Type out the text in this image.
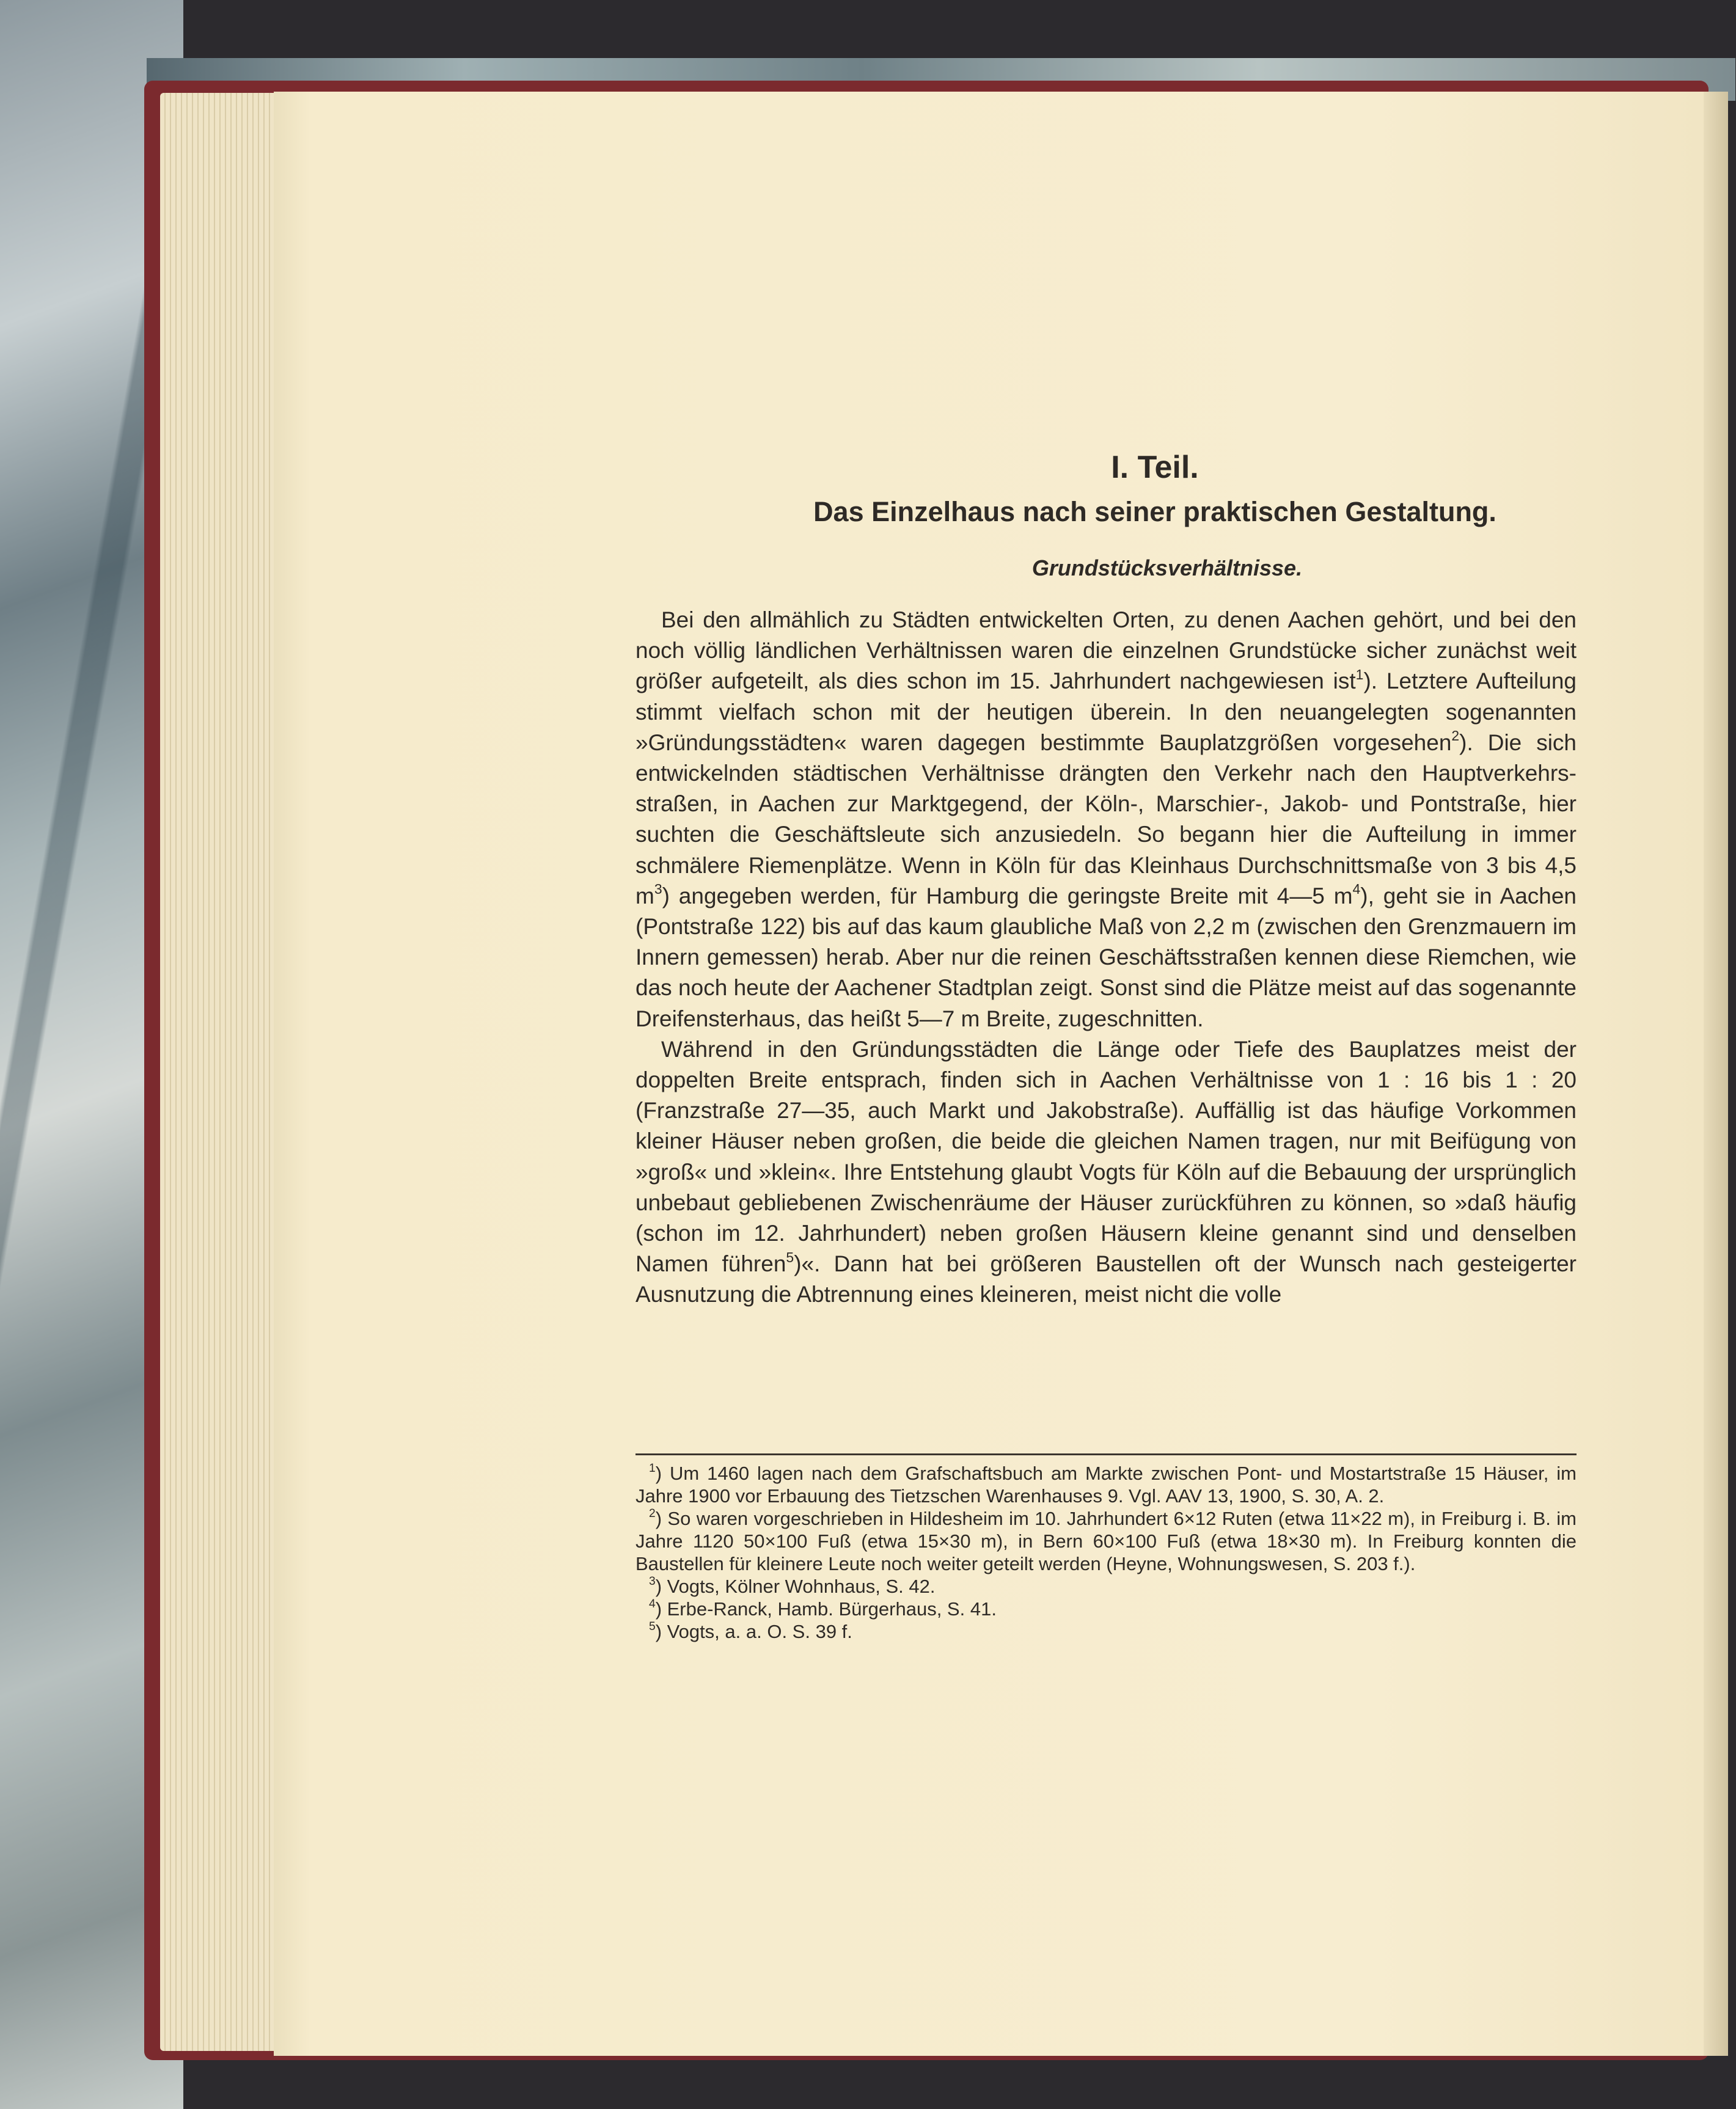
I. Teil.
Das Einzelhaus nach seiner praktischen Gestaltung.
Grundstücksverhältnisse.

Bei den allmählich zu Städten entwickelten Orten, zu denen Aachen gehört, und bei den noch völlig ländlichen Verhältnissen waren die einzelnen Grundstücke sicher zunächst weit größer aufgeteilt, als dies schon im 15. Jahrhundert nachgewiesen ist$^1$). Letztere Aufteilung stimmt vielfach schon mit der heutigen überein. In den neuangelegten sogenannten »Gründungsstädten« waren dagegen bestimmte Bauplatzgrößen vorgesehen$^2$). Die sich entwickelnden städtischen Verhältnisse drängten den Verkehr nach den Hauptverkehrsstraßen, in Aachen zur Marktgegend, der Köln-, Marschier-, Jakob- und Pontstraße, hier suchten die Geschäftsleute sich anzusiedeln. So begann hier die Aufteilung in immer schmälere Riemenplätze. Wenn in Köln für das Kleinhaus Durchschnittsmaße von 3 bis 4,5 $m^3$) angegeben werden, für Hamburg die geringste Breite mit 4—5 $m^4$), geht sie in Aachen (Pontstraße 122) bis auf das kaum glaubliche Maß von 2,2 m (zwischen den Grenzmauern im Innern gemessen) herab. Aber nur die reinen Geschäftsstraßen kennen diese Riemchen, wie das noch heute der Aachener Stadtplan zeigt. Sonst sind die Plätze meist auf das sogenannte Dreifensterhaus, das heißt 5—7 m Breite, zugeschnitten.

Während in den Gründungsstädten die Länge oder Tiefe des Bauplatzes meist der doppelten Breite entsprach, finden sich in Aachen Verhältnisse von 1 : 16 bis 1 : 20 (Franzstraße 27—35, auch Markt und Jakobstraße). Auffällig ist das häufige Vorkommen kleiner Häuser neben großen, die beide die gleichen Namen tragen, nur mit Beifügung von »groß« und »klein«. Ihre Entstehung glaubt Vogts für Köln auf die Bebauung der ursprünglich unbebaut gebliebenen Zwischenräume der Häuser zurückführen zu können, so »daß häufig (schon im 12. Jahrhundert) neben großen Häusern kleine genannt sind und denselben Namen führen$^5$)«. Dann hat bei größeren Baustellen oft der Wunsch nach gesteigerter Ausnutzung die Abtrennung eines kleineren, meist nicht die volle

$^1$) Um 1460 lagen nach dem Grafschaftsbuch am Markte zwischen Pont- und Mostartstraße 15 Häuser, im Jahre 1900 vor Erbauung des Tietzschen Warenhauses 9. Vgl. AAV 13, 1900, S. 30, A. 2.

$^2$) So waren vorgeschrieben in Hildesheim im 10. Jahrhundert 6×12 Ruten (etwa 11×22 m), in Freiburg i. B. im Jahre 1120 50×100 Fuß (etwa 15×30 m), in Bern 60×100 Fuß (etwa 18×30 m). In Freiburg konnten die Baustellen für kleinere Leute noch weiter geteilt werden (Heyne, Wohnungswesen, S. 203 f.).

$^3$) Vogts, Kölner Wohnhaus, S. 42.

$^4$) Erbe-Ranck, Hamb. Bürgerhaus, S. 41.

$^5$) Vogts, a. a. O. S. 39 f.
